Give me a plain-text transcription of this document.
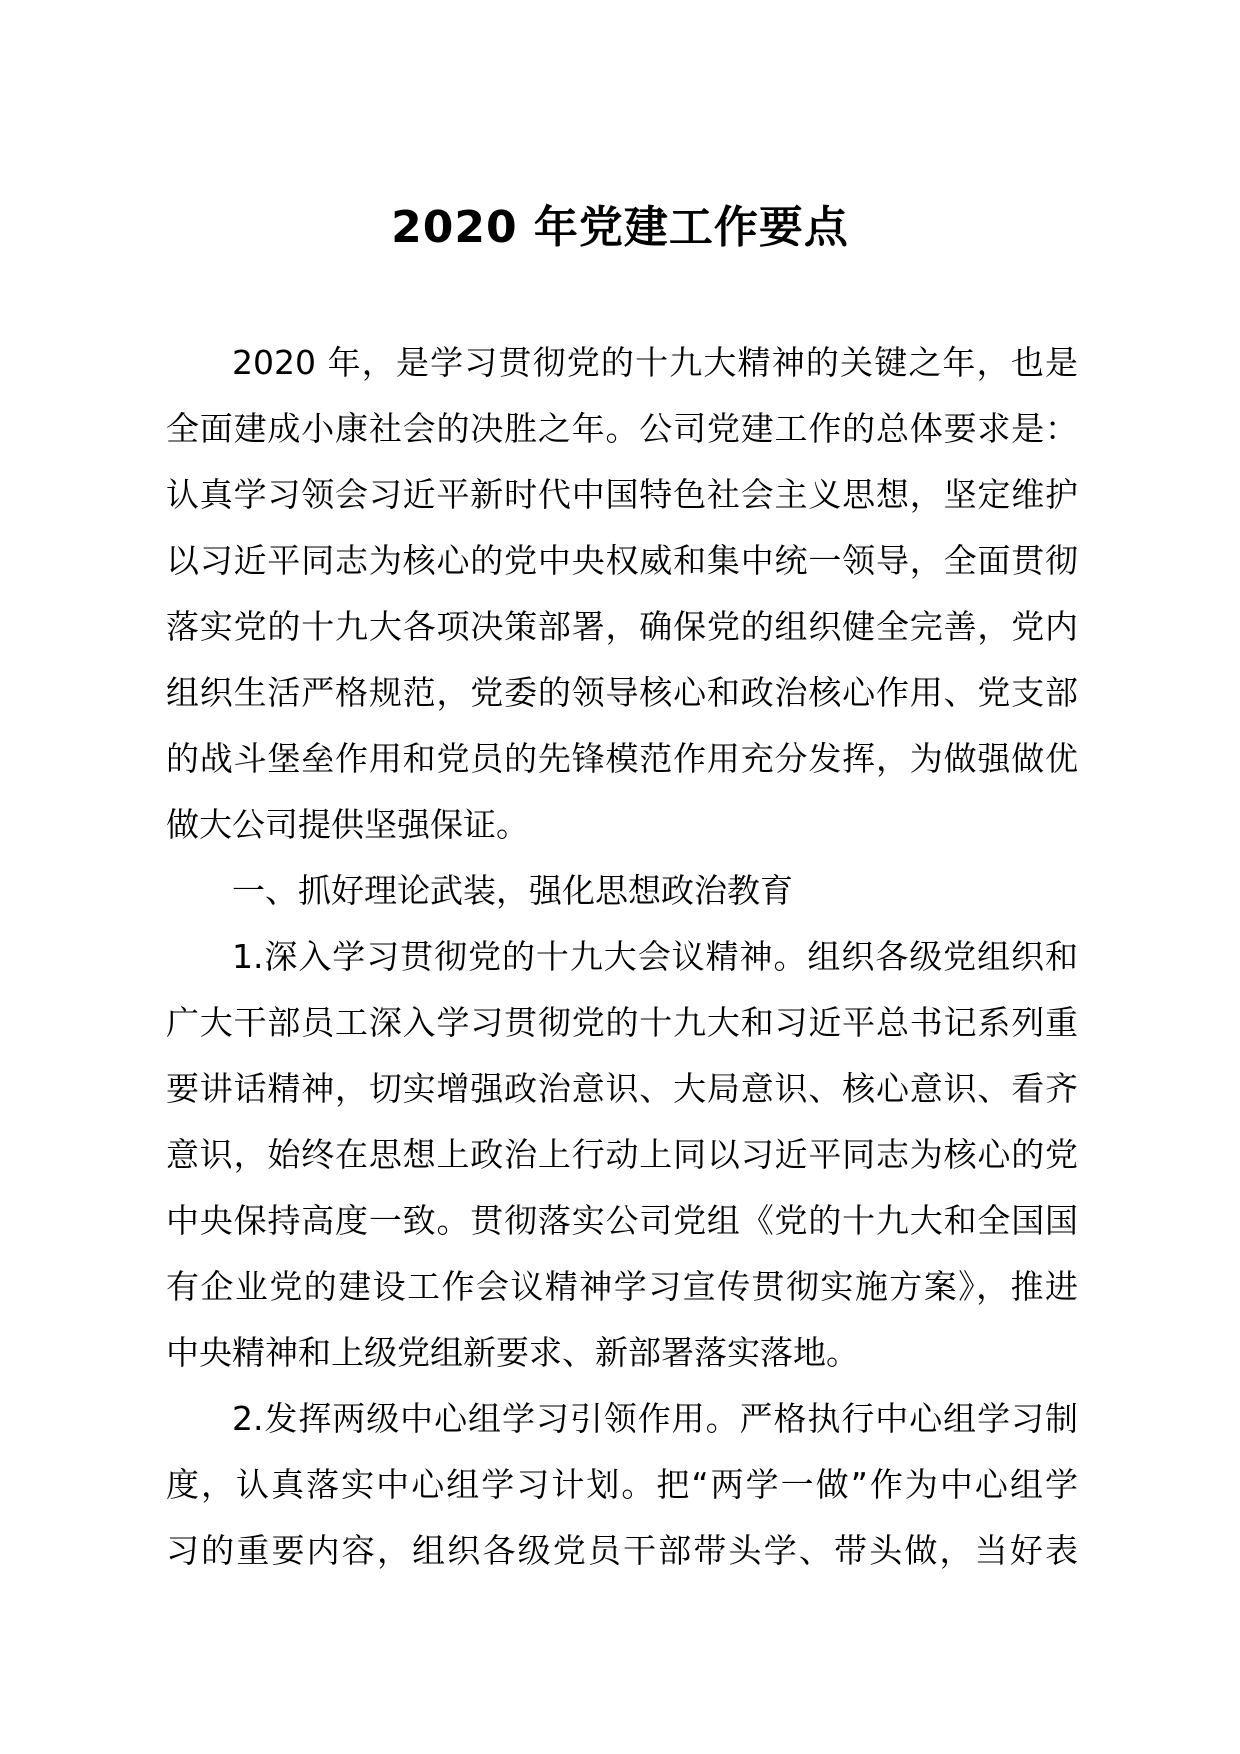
2020 年党建工作要点
2020 年，是学习贯彻党的十九大精神的关键之年，也是
全面建成小康社会的决胜之年。公司党建工作的总体要求是：
认真学习领会习近平新时代中国特色社会主义思想，坚定维护
以习近平同志为核心的党中央权威和集中统一领导，全面贯彻
落实党的十九大各项决策部署，确保党的组织健全完善，党内
组织生活严格规范，党委的领导核心和政治核心作用、党支部
的战斗堡垒作用和党员的先锋模范作用充分发挥，为做强做优
做大公司提供坚强保证。
一、抓好理论武装，强化思想政治教育
1.深入学习贯彻党的十九大会议精神。组织各级党组织和
广大干部员工深入学习贯彻党的十九大和习近平总书记系列重
要讲话精神，切实增强政治意识、大局意识、核心意识、看齐
意识，始终在思想上政治上行动上同以习近平同志为核心的党
中央保持高度一致。贯彻落实公司党组《党的十九大和全国国
有企业党的建设工作会议精神学习宣传贯彻实施方案》，推进
中央精神和上级党组新要求、新部署落实落地。
2.发挥两级中心组学习引领作用。严格执行中心组学习制
度，认真落实中心组学习计划。把“两学一做”作为中心组学
习的重要内容，组织各级党员干部带头学、带头做，当好表
